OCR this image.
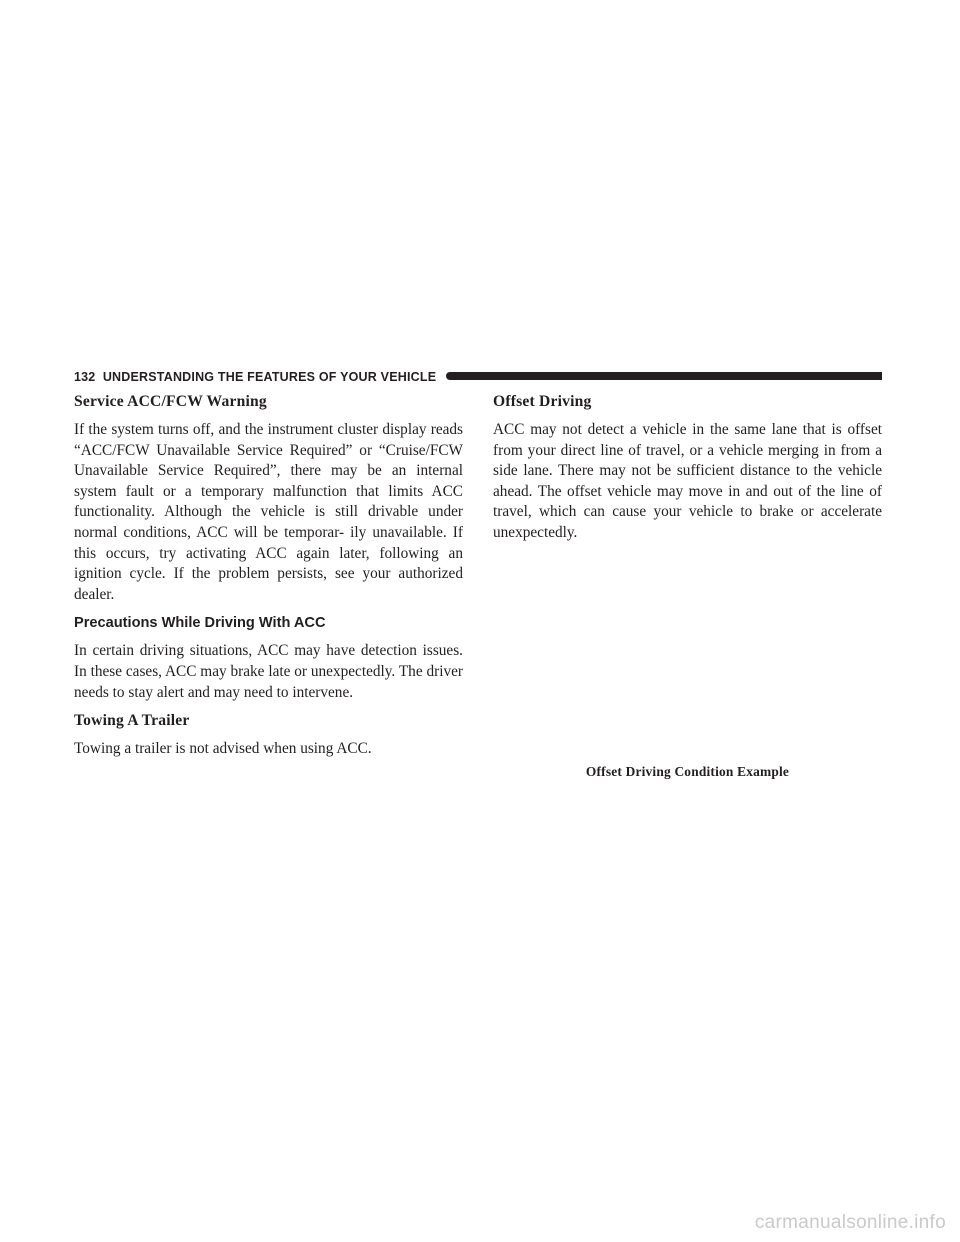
132 UNDERSTANDING THE FEATURES OF YOUR VEHICLE
Service ACC/FCW Warning

If the system turns off, and the instrument cluster display reads “ACC/FCW Unavailable Service Required” or “Cruise/FCW Unavailable Service Required”, there may be an internal system fault or a temporary malfunction that limits ACC functionality. Although the vehicle is still drivable under normal conditions, ACC will be temporar- ily unavailable. If this occurs, try activating ACC again later, following an ignition cycle. If the problem persists, see your authorized dealer.

Precautions While Driving With ACC

In certain driving situations, ACC may have detection issues. In these cases, ACC may brake late or unexpectedly. The driver needs to stay alert and may need to intervene.

Towing A Trailer

Towing a trailer is not advised when using ACC.

Offset Driving

ACC may not detect a vehicle in the same lane that is offset from your direct line of travel, or a vehicle merging in from a side lane. There may not be sufficient distance to the vehicle ahead. The offset vehicle may move in and out of the line of travel, which can cause your vehicle to brake or accelerate unexpectedly.

Offset Driving Condition Example
carmanualsonline.info
